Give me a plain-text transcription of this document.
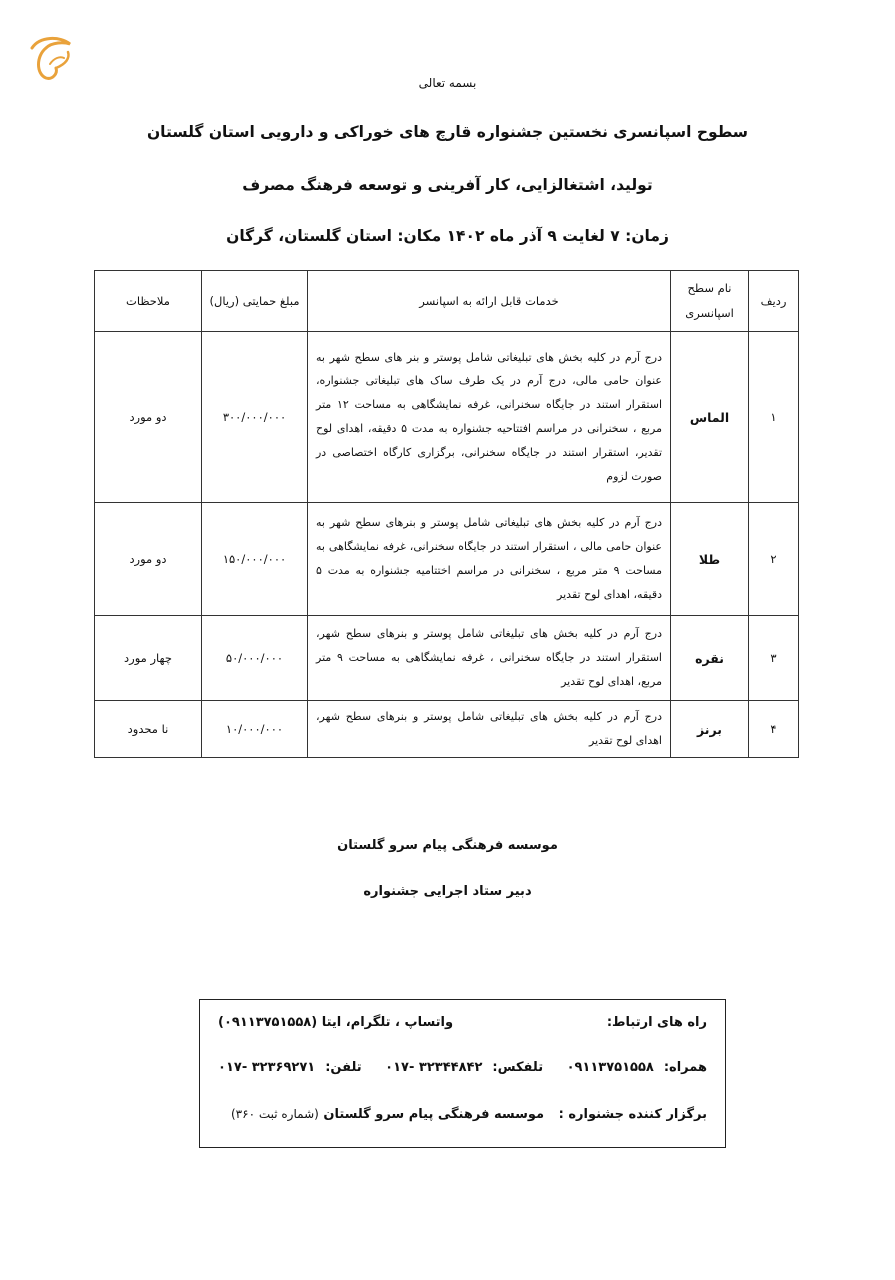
بسمه تعالی
سطوح اسپانسری نخستین جشنواره قارچ های خوراکی و دارویی استان گلستان
تولید، اشتغالزایی، کار آفرینی و توسعه فرهنگ مصرف
زمان: ۷ لغایت ۹ آذر ماه ۱۴۰۲ مکان: استان گلستان، گرگان
ردیف	نام سطح اسپانسری	خدمات قابل ارائه به اسپانسر	مبلغ حمایتی (ریال)	ملاحظات
۱	الماس	درج آرم در کلیه بخش های تبلیغاتی شامل پوستر و بنر های سطح شهر به عنوان حامی مالی، درج آرم در یک طرف ساک های تبلیغاتی جشنواره، استقرار استند در جایگاه سخنرانی، غرفه نمایشگاهی به مساحت ۱۲ متر مربع ، سخنرانی در مراسم افتتاحیه جشنواره به مدت ۵ دقیقه، اهدای لوح تقدیر، استقرار استند در جایگاه سخنرانی، برگزاری کارگاه اختصاصی در صورت لزوم	۳۰۰/۰۰۰/۰۰۰	دو مورد
۲	طلا	درج آرم در کلیه بخش های تبلیغاتی شامل پوستر و بنرهای سطح شهر به عنوان حامی مالی ، استقرار استند در جایگاه سخنرانی، غرفه نمایشگاهی به مساحت ۹ متر مربع ، سخنرانی در مراسم اختتامیه جشنواره به مدت ۵ دقیقه، اهدای لوح تقدیر	۱۵۰/۰۰۰/۰۰۰	دو مورد
۳	نقره	درج آرم در کلیه بخش های تبلیغاتی شامل پوستر و بنرهای سطح شهر، استقرار استند در جایگاه سخنرانی ، غرفه نمایشگاهی به مساحت ۹ متر مربع، اهدای لوح تقدیر	۵۰/۰۰۰/۰۰۰	چهار مورد
۴	برنز	درج آرم در کلیه بخش های تبلیغاتی شامل پوستر و بنرهای سطح شهر، اهدای لوح تقدیر	۱۰/۰۰۰/۰۰۰	نا محدود
موسسه فرهنگی پیام سرو گلستان
دبیر ستاد اجرایی جشنواره
راه های ارتباط:
واتساپ ، تلگرام، ایتا (۰۹۱۱۳۷۵۱۵۵۸)
همراه:۰۹۱۱۳۷۵۱۵۵۸
تلفکس:۳۲۳۴۴۸۴۲ -۰۱۷
تلفن:۳۲۳۶۹۲۷۱ -۰۱۷
برگزار کننده جشنواره : موسسه فرهنگی پیام سرو گلستان (شماره ثبت ۳۶۰)
